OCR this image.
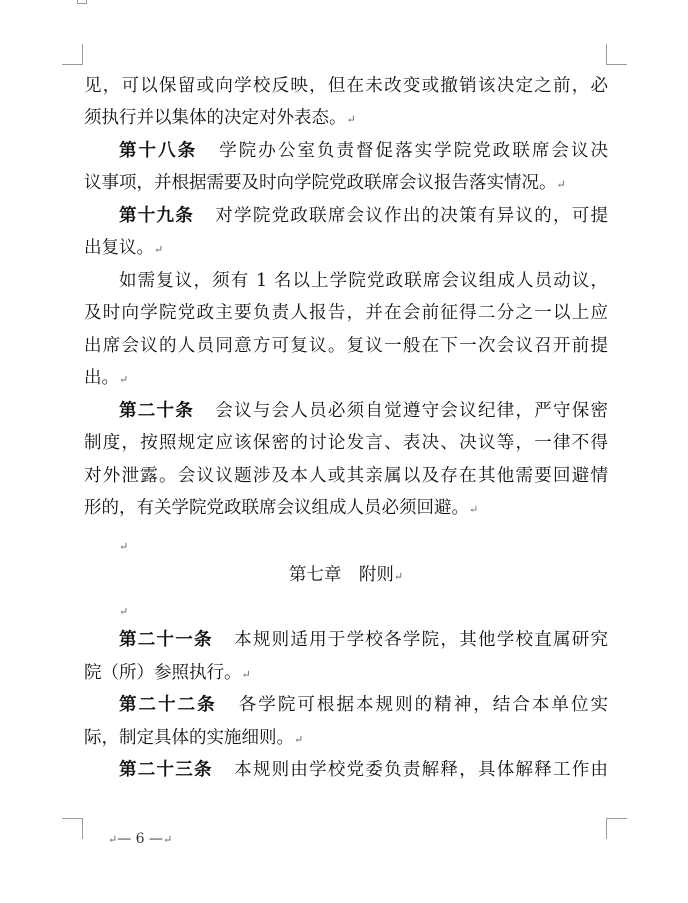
见，可以保留或向学校反映，但在未改变或撤销该决定之前，必
须执行并以集体的决定对外表态。↵
第十八条 学院办公室负责督促落实学院党政联席会议决
议事项，并根据需要及时向学院党政联席会议报告落实情况。↵
第十九条 对学院党政联席会议作出的决策有异议的，可提
出复议。↵
如需复议，须有 1 名以上学院党政联席会议组成人员动议，
及时向学院党政主要负责人报告，并在会前征得二分之一以上应
出席会议的人员同意方可复议。复议一般在下一次会议召开前提
出。↵
第二十条 会议与会人员必须自觉遵守会议纪律，严守保密
制度，按照规定应该保密的讨论发言、表决、决议等，一律不得
对外泄露。会议议题涉及本人或其亲属以及存在其他需要回避情
形的，有关学院党政联席会议组成人员必须回避。↵
↵
第七章　附则↵
↵
第二十一条 本规则适用于学校各学院，其他学校直属研究
院（所）参照执行。↵
第二十二条 各学院可根据本规则的精神，结合本单位实
际，制定具体的实施细则。↵
第二十三条 本规则由学校党委负责解释，具体解释工作由
↵— 6 —↵
